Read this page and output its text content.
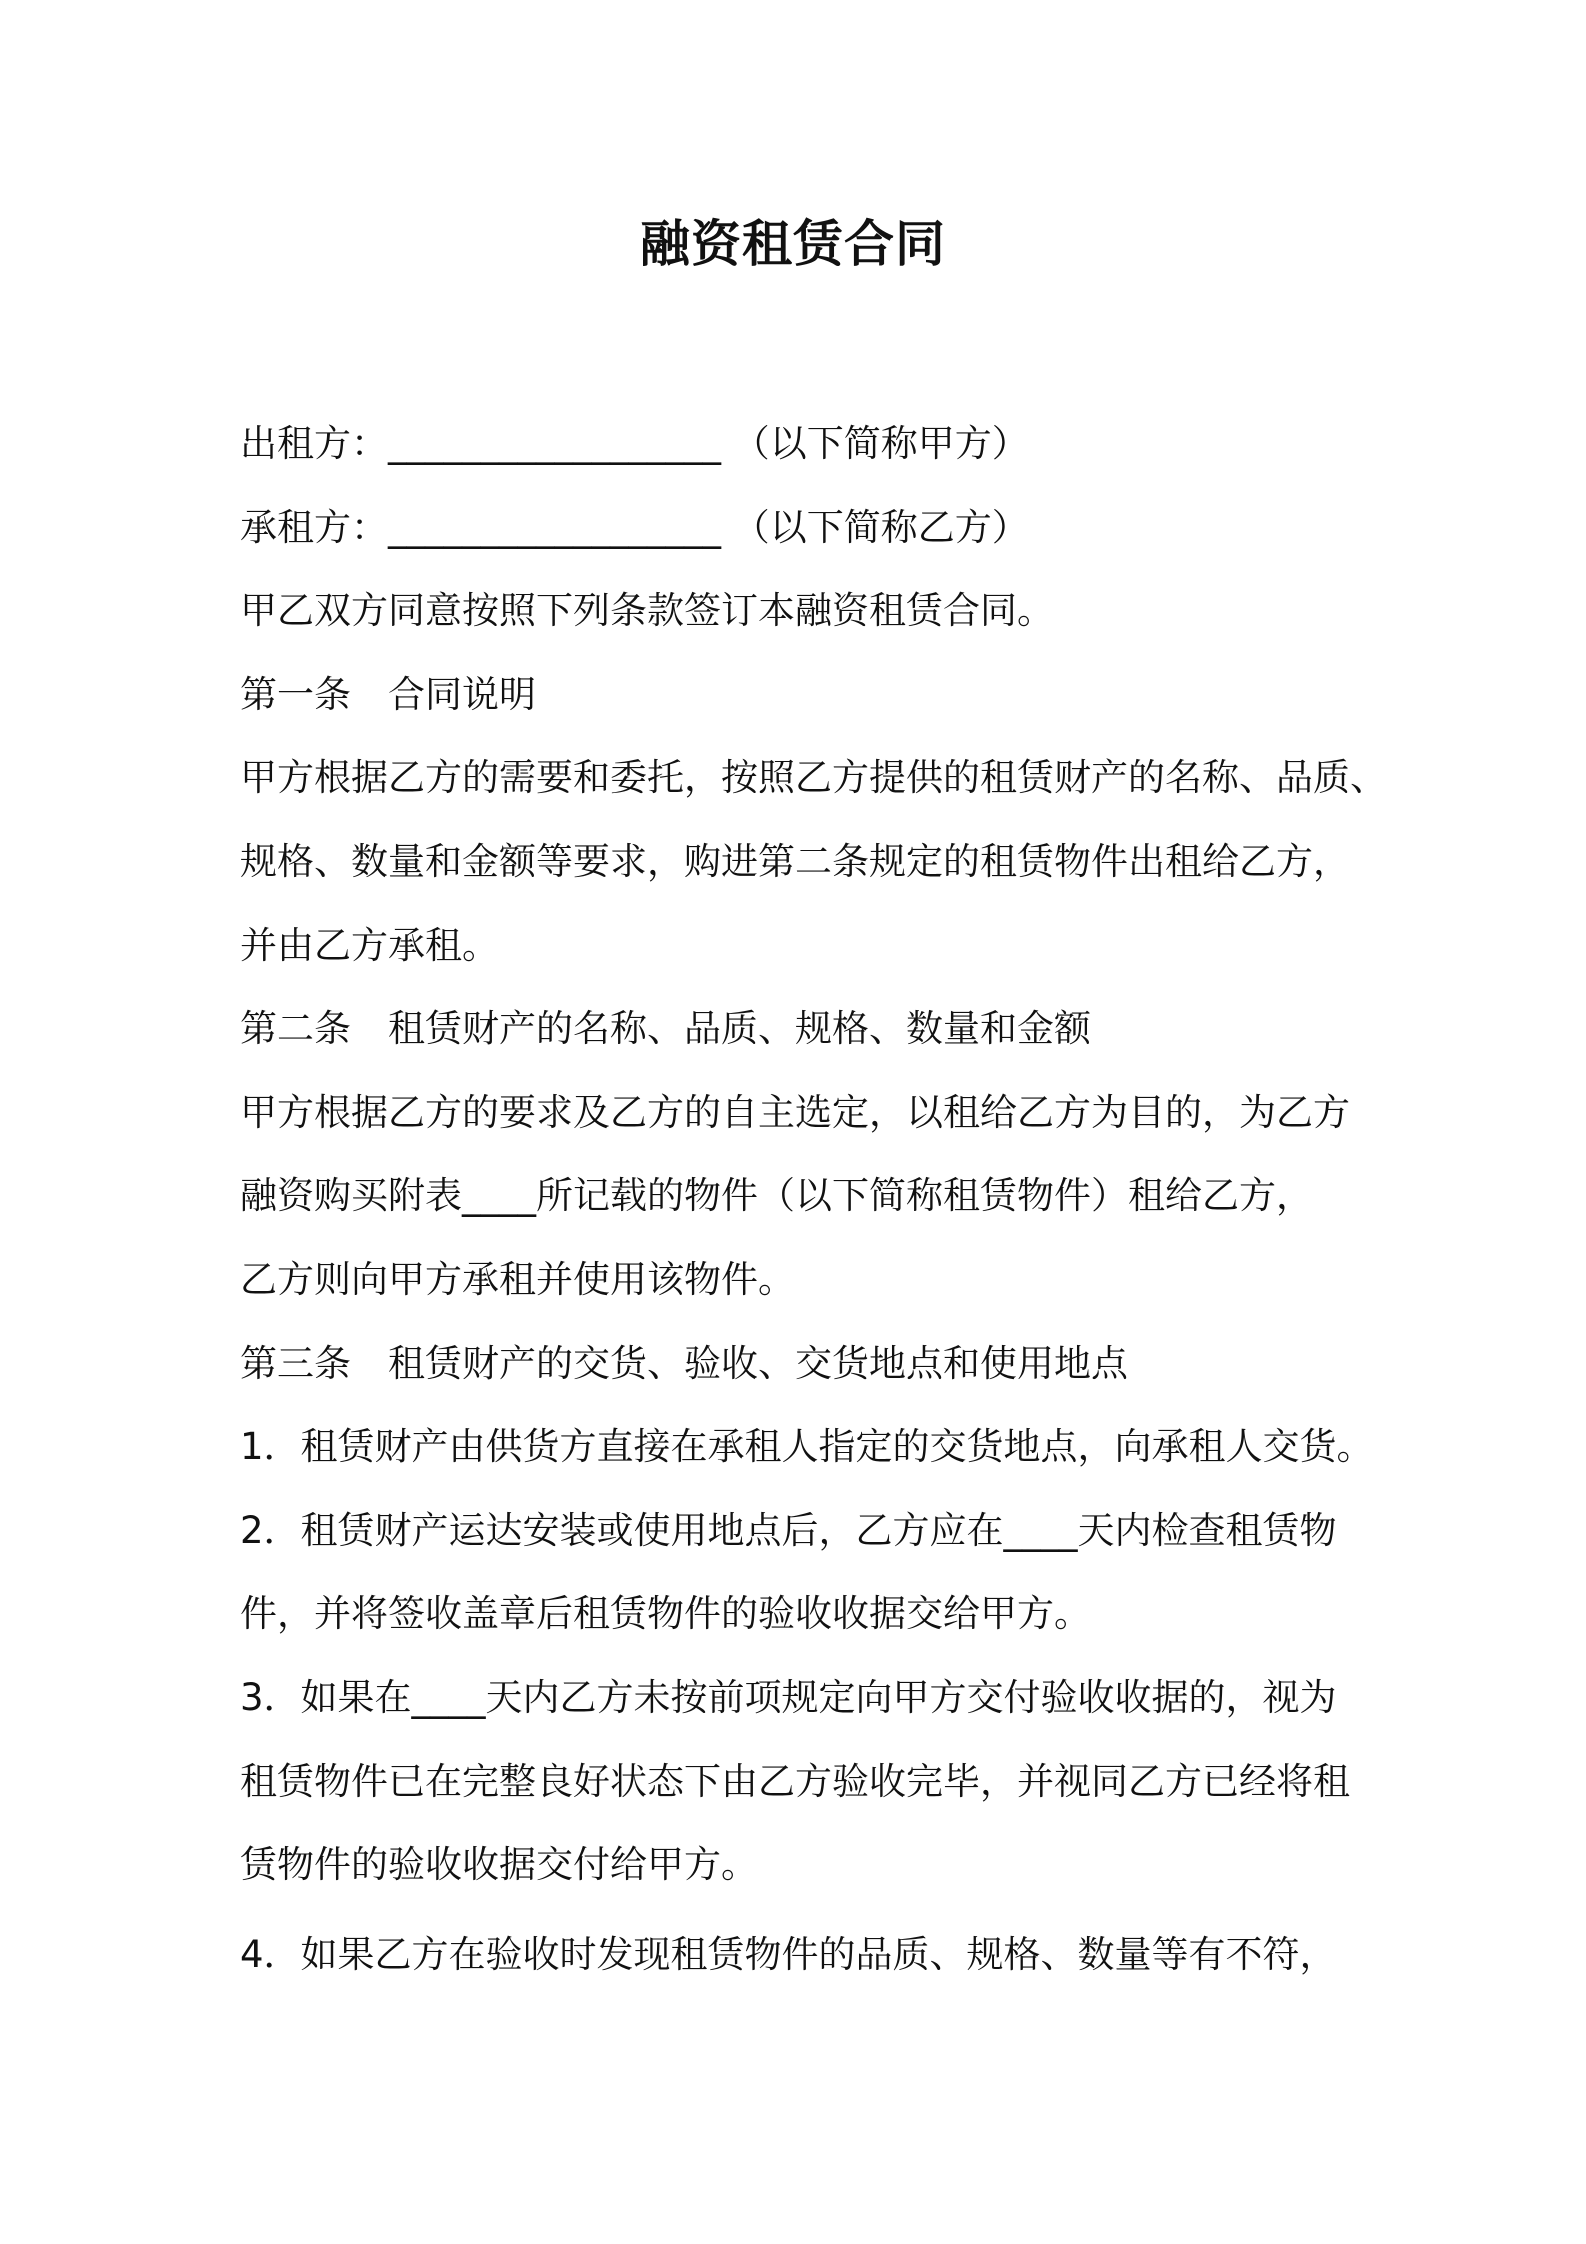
融资租赁合同
出租方：__________________ （以下简称甲方）
承租方：__________________ （以下简称乙方）
甲乙双方同意按照下列条款签订本融资租赁合同。
第一条　合同说明
甲方根据乙方的需要和委托，按照乙方提供的租赁财产的名称、品质、
规格、数量和金额等要求，购进第二条规定的租赁物件出租给乙方，
并由乙方承租。
第二条　租赁财产的名称、品质、规格、数量和金额
甲方根据乙方的要求及乙方的自主选定，以租给乙方为目的，为乙方
融资购买附表____所记载的物件（以下简称租赁物件）租给乙方，
乙方则向甲方承租并使用该物件。
第三条　租赁财产的交货、验收、交货地点和使用地点
1．租赁财产由供货方直接在承租人指定的交货地点，向承租人交货。
2．租赁财产运达安装或使用地点后，乙方应在____天内检查租赁物
件，并将签收盖章后租赁物件的验收收据交给甲方。
3．如果在____天内乙方未按前项规定向甲方交付验收收据的，视为
租赁物件已在完整良好状态下由乙方验收完毕，并视同乙方已经将租
赁物件的验收收据交付给甲方。
4．如果乙方在验收时发现租赁物件的品质、规格、数量等有不符，
